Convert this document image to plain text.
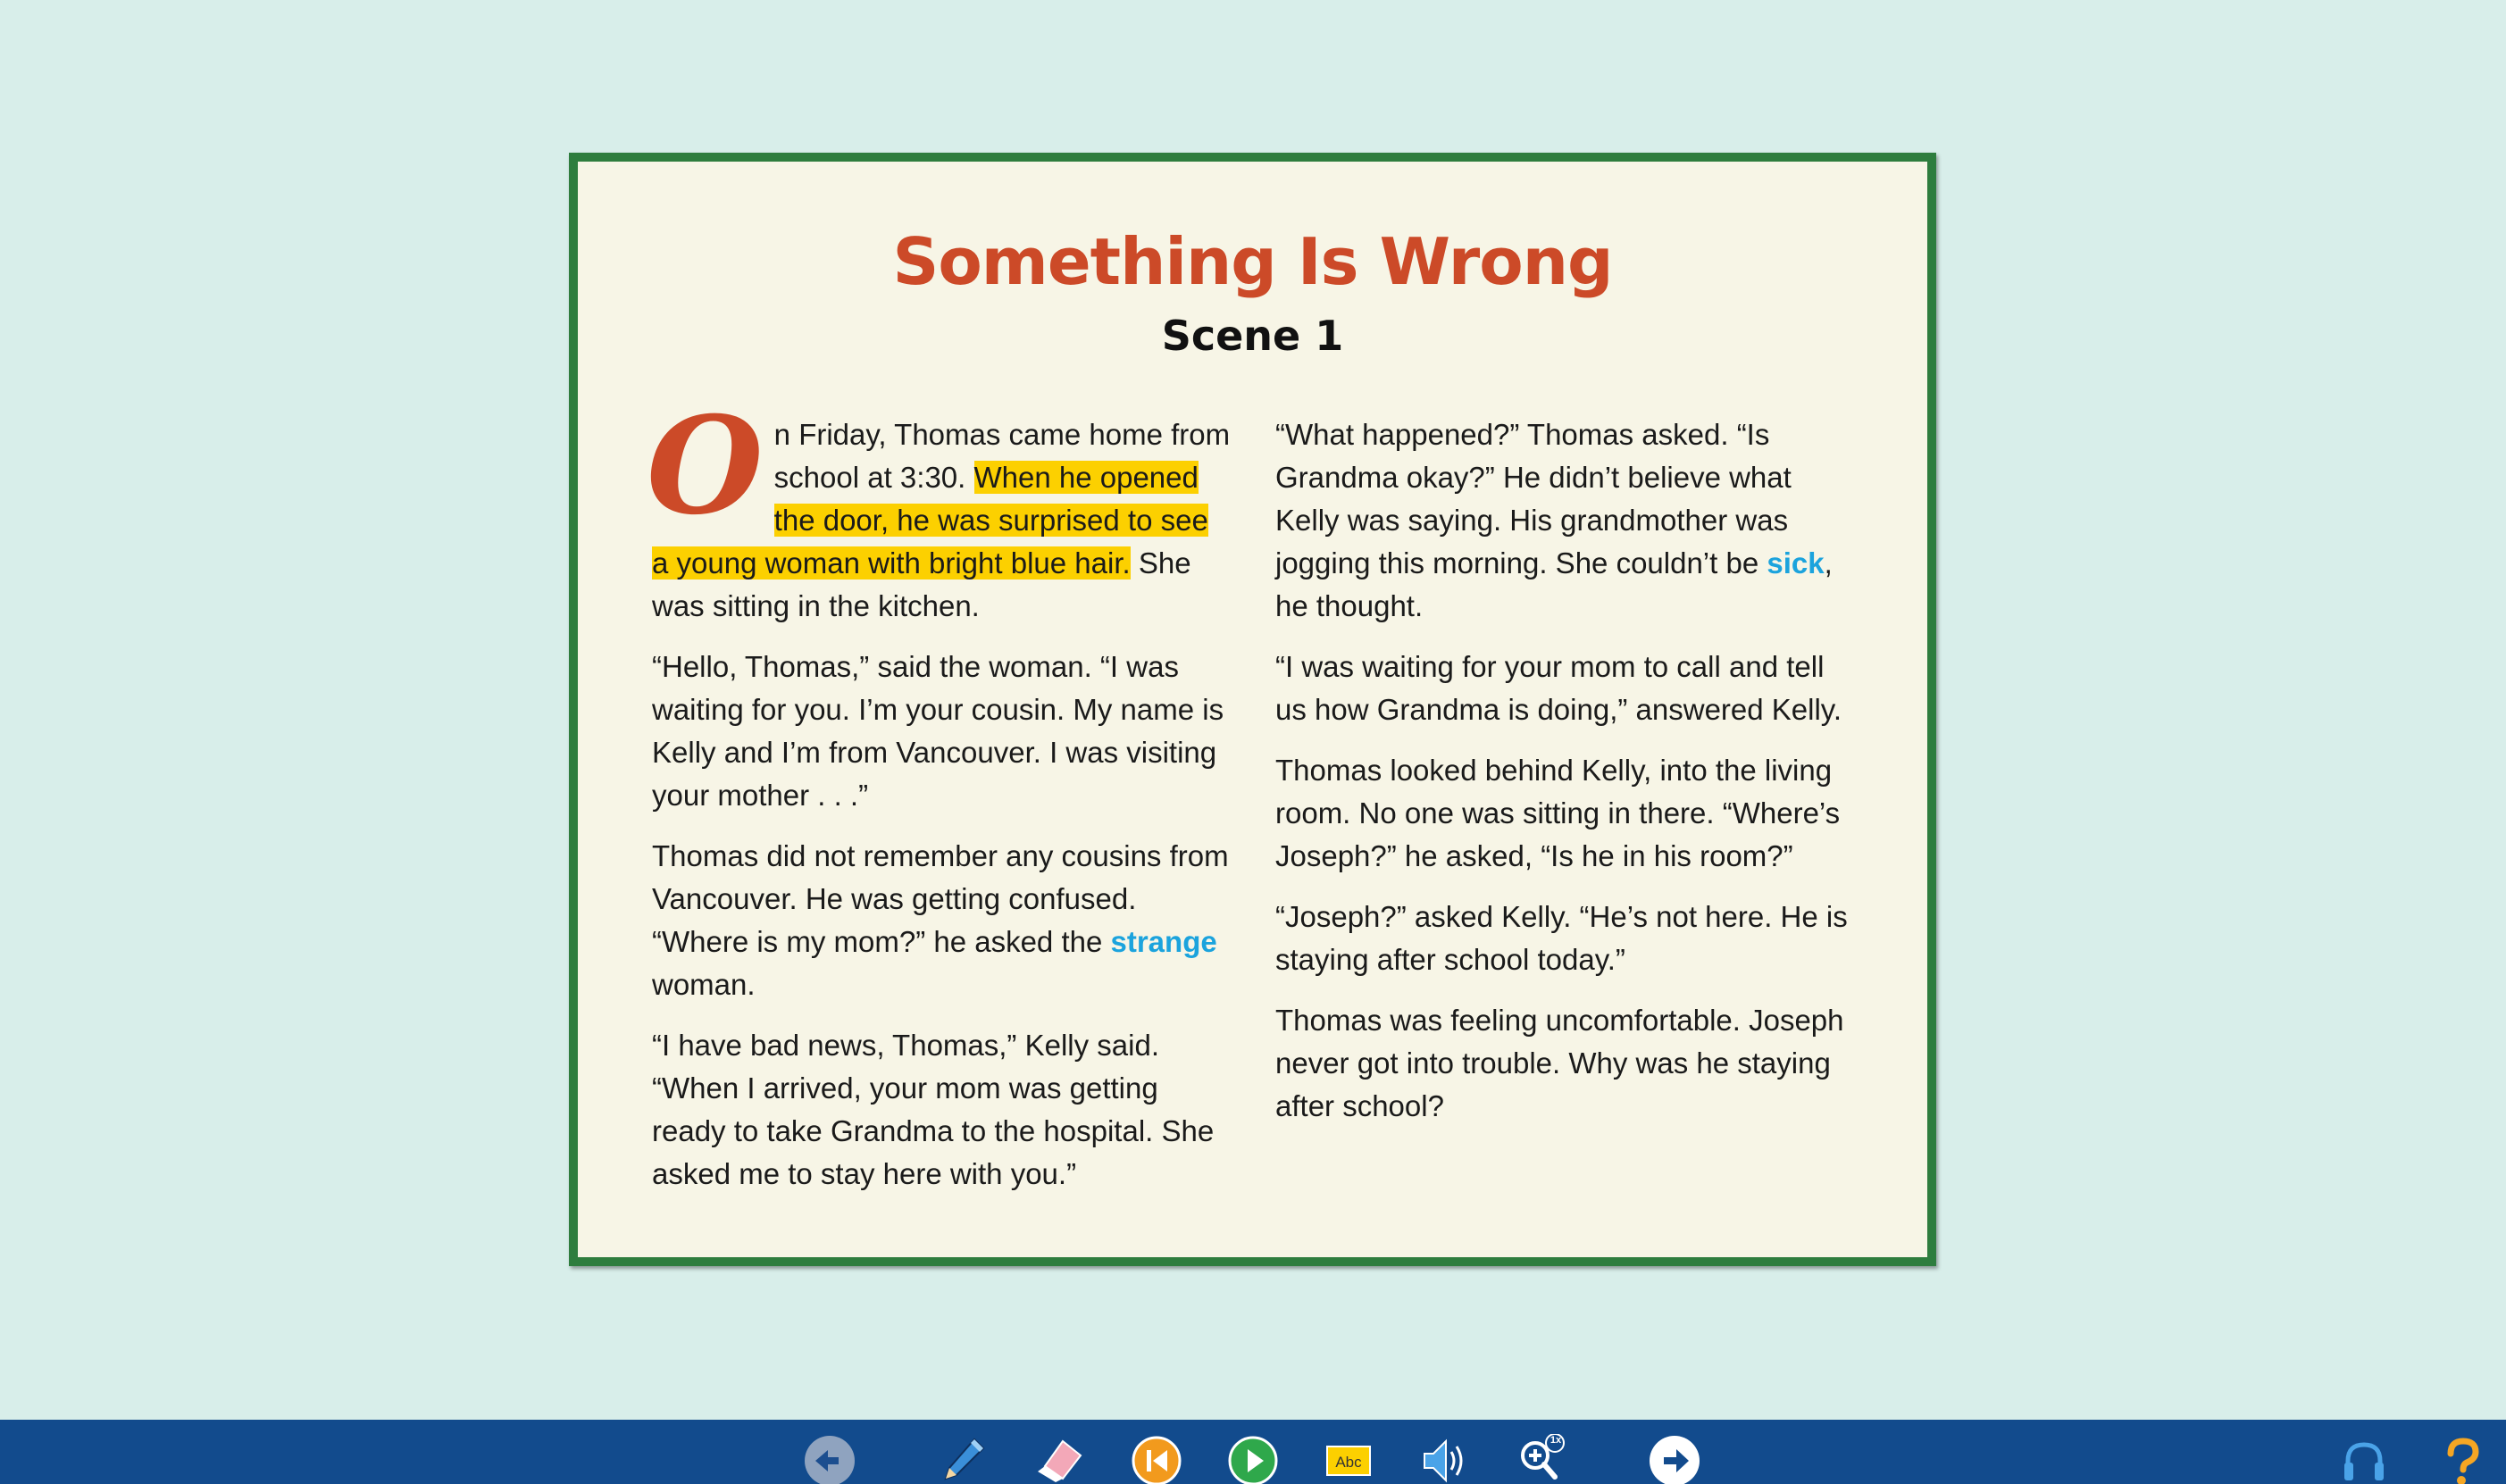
Something Is Wrong
Scene 1

On Friday, Thomas came home from school at 3:30. When he opened the door, he was surprised to see a young woman with bright blue hair. She was sitting in the kitchen.

“Hello, Thomas,” said the woman. “I was waiting for you. I’m your cousin. My name is Kelly and I’m from Vancouver. I was visiting your mother . . .”

Thomas did not remember any cousins from Vancouver. He was getting confused. “Where is my mom?” he asked the strange woman.

“I have bad news, Thomas,” Kelly said. “When I arrived, your mom was getting ready to take Grandma to the hospital. She asked me to stay here with you.”

“What happened?” Thomas asked. “Is Grandma okay?” He didn’t believe what Kelly was saying. His grandmother was jogging this morning. She couldn’t be sick, he thought.

“I was waiting for your mom to call and tell us how Grandma is doing,” answered Kelly.

Thomas looked behind Kelly, into the living room. No one was sitting in there. “Where’s Joseph?” he asked, “Is he in his room?”

“Joseph?” asked Kelly. “He’s not here. He is staying after school today.”

Thomas was feeling uncomfortable. Joseph never got into trouble. Why was he staying after school?

Abc
1x
